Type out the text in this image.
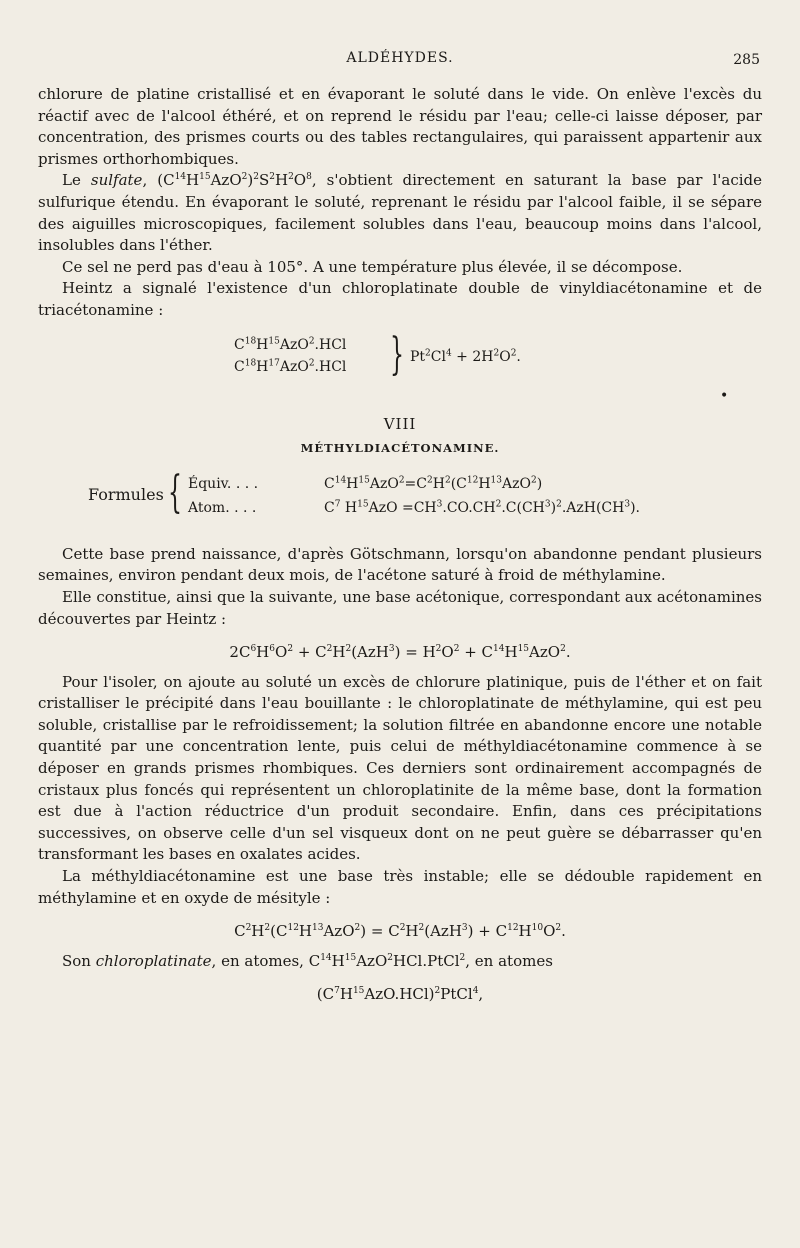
ALDÉHYDES.	285

chlorure de platine cristallisé et en évaporant le soluté dans le vide. On enlève l'excès du réactif avec de l'alcool éthéré, et on reprend le résidu par l'eau; celle-ci laisse déposer, par concentration, des prismes courts ou des tables rectangulaires, qui paraissent appartenir aux prismes orthorhombiques.

Le sulfate, $(C^{14}H^{15}AzO^2)^2S^2H^2O^8$, s'obtient directement en saturant la base par l'acide sulfurique étendu. En évaporant le soluté, reprenant le résidu par l'alcool faible, il se sépare des aiguilles microscopiques, facilement solubles dans l'eau, beaucoup moins dans l'alcool, insolubles dans l'éther.

Ce sel ne perd pas d'eau à 105°. A une température plus élevée, il se décompose.

Heintz a signalé l'existence d'un chloroplatinate double de vinyldiacétonamine et de triacétonamine :

$C^{18}H^{15}AzO^2.HCl$
$C^{18}H^{17}AzO^2.HCl$ } $Pt^2Cl^4 + 2H^2O^2$.
•
VIII
MÉTHYLDIACÉTONAMINE.
Formules { Équiv. . . .	$C^{14}H^{15}AzO^2=C^2H^2(C^{12}H^{13}AzO^2)$
Atom. . . .	$C^7$ $H^{15}AzO =CH^3.CO.CH^2.C(CH^3)^2.AzH(CH^3)$.

Cette base prend naissance, d'après Götschmann, lorsqu'on abandonne pendant plusieurs semaines, environ pendant deux mois, de l'acétone saturé à froid de méthylamine.

Elle constitue, ainsi que la suivante, une base acétonique, correspondant aux acétonamines découvertes par Heintz :

$2C^6H^6O^2 + C^2H^2(AzH^3) = H^2O^2 + C^{14}H^{15}AzO^2$.

Pour l'isoler, on ajoute au soluté un excès de chlorure platinique, puis de l'éther et on fait cristalliser le précipité dans l'eau bouillante : le chloroplatinate de méthylamine, qui est peu soluble, cristallise par le refroidissement; la solution filtrée en abandonne encore une notable quantité par une concentration lente, puis celui de méthyldiacétonamine commence à se déposer en grands prismes rhombiques. Ces derniers sont ordinairement accompagnés de cristaux plus foncés qui représentent un chloroplatinite de la même base, dont la formation est due à l'action réductrice d'un produit secondaire. Enfin, dans ces précipitations successives, on observe celle d'un sel visqueux dont on ne peut guère se débarrasser qu'en transformant les bases en oxalates acides.

La méthyldiacétonamine est une base très instable; elle se dédouble rapidement en méthylamine et en oxyde de mésityle :

$C^2H^2(C^{12}H^{13}AzO^2) = C^2H^2(AzH^3) + C^{12}H^{10}O^2$.

Son chloroplatinate, en atomes, $C^{14}H^{15}AzO^2HCl.PtCl^2$, en atomes

$(C^7H^{15}AzO.HCl)^2PtCl^4$,
